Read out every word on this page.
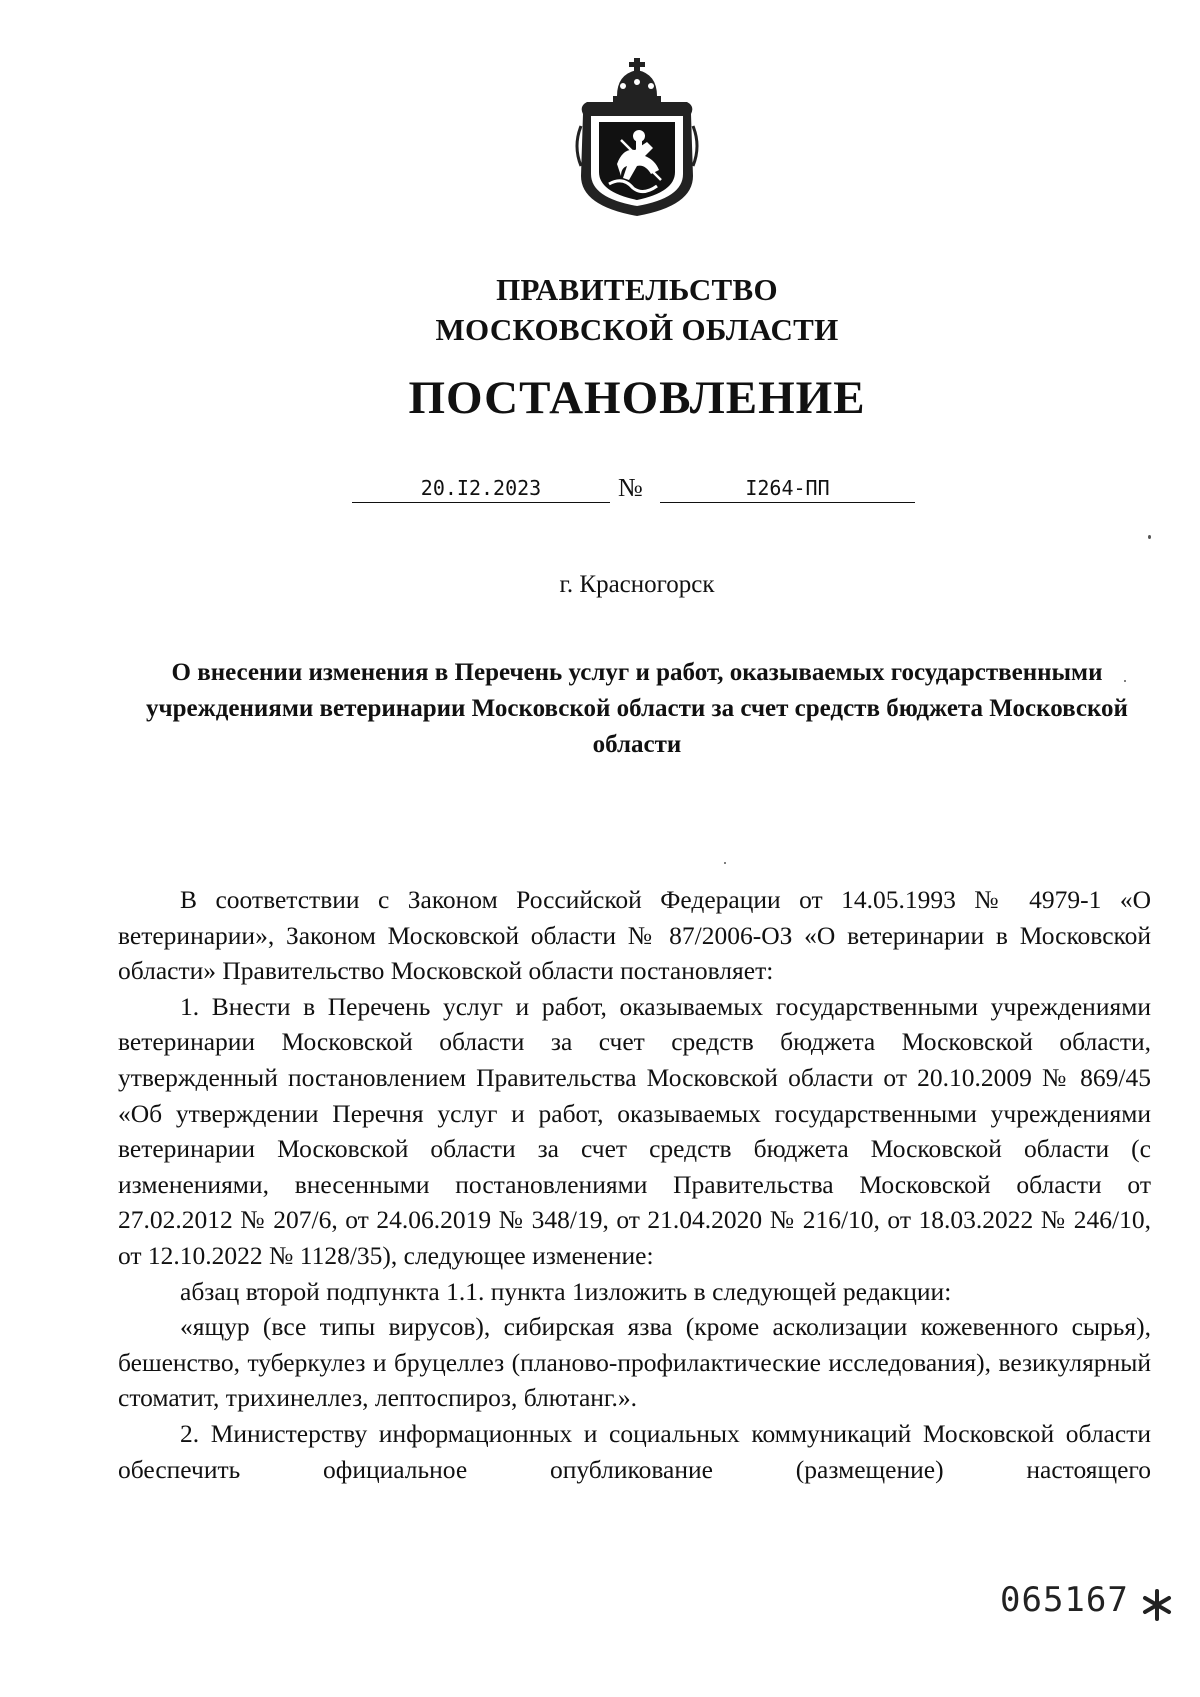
ПРАВИТЕЛЬСТВО
МОСКОВСКОЙ ОБЛАСТИ
ПОСТАНОВЛЕНИЕ
20.I2.2023	№	I264-ПП
г. Красногорск
О внесении изменения в Перечень услуг и работ, оказываемых государственными учреждениями ветеринарии Московской области за счет средств бюджета Московской области

В соответствии с Законом Российской Федерации от 14.05.1993 № 4979-1 «О ветеринарии», Законом Московской области № 87/2006-ОЗ «О ветеринарии в Московской области» Правительство Московской области постановляет:

1. Внести в Перечень услуг и работ, оказываемых государственными учреждениями ветеринарии Московской области за счет средств бюджета Московской области, утвержденный постановлением Правительства Московской области от 20.10.2009 № 869/45 «Об утверждении Перечня услуг и работ, оказываемых государственными учреждениями ветеринарии Московской области за счет средств бюджета Московской области (с изменениями, внесенными постановлениями Правительства Московской области от 27.02.2012 № 207/6, от 24.06.2019 № 348/19, от 21.04.2020 № 216/10, от 18.03.2022 № 246/10, от 12.10.2022 № 1128/35), следующее изменение:

абзац второй подпункта 1.1. пункта 1изложить в следующей редакции:

«ящур (все типы вирусов), сибирская язва (кроме асколизации кожевенного сырья), бешенство, туберкулез и бруцеллез (планово-профилактические исследования), везикулярный стоматит, трихинеллез, лептоспироз, блютанг.».

2. Министерству информационных и социальных коммуникаций Московской области обеспечить официальное опубликование (размещение) настоящего

065167
